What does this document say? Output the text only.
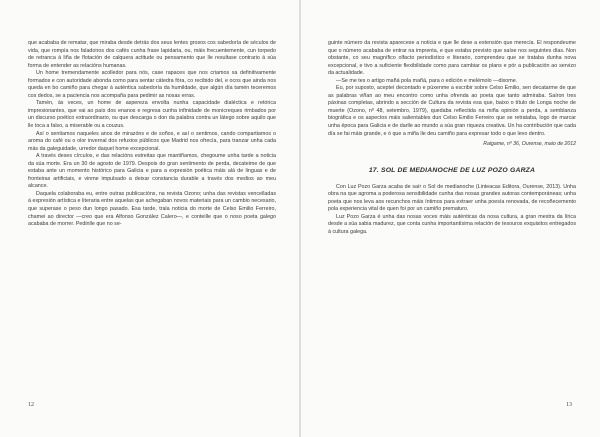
que acababa de rematar, que miraba desde detrás dos seus lentes grosos cos sabedoría de séculos de vida, que rompía nos faladoiros dos cafés cunha frase lapidaria, ou, máis frecuentemente, cun torpedo de retranca á liña de flotación de calquera actitude ou pensamento que lle resultase contrario á súa forma de entender as relacións humanas.

Un home tremendamente acolledor para nós, case rapaces que nos criamos xa definitivamente formados e con autoridade abonda como para sentar cátedra fóra, co recibido del, e ocos que ainda nos queda en bo camiño para chegar á auténtica sabedoría da humildade, que algún día tamén teceremos cos dedos, se a paciencia nos acompaña para pedimir as nosas erras.

Tamén, ás veces, un home de aspereza envolta nunha capacidade dialéctica e retórica impresionantes, que vai ao país dos enanos e regresa cunha infinidade de monicreques rimbados por un discurso poético extraordinario, ou que descarga o don da palabra contra un látego sobre aquilo que lle toca a falso, a miserable ou a couzus.

Así o sentiamos naqueles anos de mirazóns e de soños, e así o sentimos, cando compartiamos o aroma do café ou o olor invernal dos refuxios públicos que Madrid nos ofrecía, para tranzar unha cada más da galeguidade, urredor daquel home excepcional.

A través deses círculos, e das relacións estreitas que mantiñamos, chegoume unha tarde a noticia da súa morte. Era un 30 de agosto de 1979. Despois do gran sentimento de perda, decateime de que estaba ante un momento histórico para Galicia e para a expresión poética máis alá de linguas e de fronteiras artificiais, e vinme impulsado a deixar constancia durable a través dos medios ao meu alcance.

Daquela colaboraba eu, entre outras publicacións, na revista Ozono; unha das revistas vencelladas á expresión artística e literaria entre aquelas que achegaban novos materiais para un cambio necesario, que superase o peso dun longo pasado. Esa tarde, trala noticia do morte de Celso Emilio Ferreiro, chamei ao director —creo que era Alfonso González Calero—, e conteille que o noso poeta galego acababa de morrer. Pedinlle que no se-

guinte número da revista aparecese a noticia e que lle dese a extensión que merecía. El respondeume que o número acababa de entrar na imprenta, e que estaba previsto que saíse nos seguintes días. Non obstante, co seu magnífico olfacto periodístico e literario, comprendeu que se trataba dunha nova excepcional, e tivo a suficiente flexibilidade como para cambiar os plans e pór a publicación ao servizo da actualidade.

—Se me tes o artigo mañá pola mañá, para o edición e melémolo —dixome.

Eu, por suposto, acepteí decontado e púxenme a escribir sobre Celso Emilio, sen decatarme de que as palabras viñan ao meu encontro como unha ofrenda ao poeta que tanto admiraba. Saíron tres páxinas completas, abrindo a sección de Cultura da revista esa que, baixo o título de Longa noche de muerte (Ozono, nº 48, setembro, 1979), quedaba reflectida na miña opinión a perda, a semblanza biográfica e os aspectos máis salientables dun Celso Emilio Ferreiro que se retrataba, logo de marcar unha época para Galicia e de darlle ao mundo a súa gran riqueza creativa. Un ha contribución que cada día se fai máis grande, e ó que a miña lle deu camiño para expresar todo o que levo dentro.

Raigame, nº 36, Ourense, maio de 2012
17. SOL DE MEDIANOCHE DE LUZ POZO GARZA

Con Luz Pozo Garza acaba de saír o Sol de medianoche (Linteacas Editora, Ourense, 2013). Unha obra na que agroma a poderosa sensibilidade cunha das nosas grandes autoras contemporáneas; unha poeta que nos leva aos recunchos máis íntimos para extraer unha poesía renovada, de recoñecemento pola experiencia vital de quen foi por un camiño prematuro.

Luz Pozo Garza é unha das nosas voces máis auténticas da nosa cultura, a gran mestra da lírica desde a súa sabia madurez, que conta cunha importantísima relación de tesouros exquisitos entregados á cultura galega.

12	13
